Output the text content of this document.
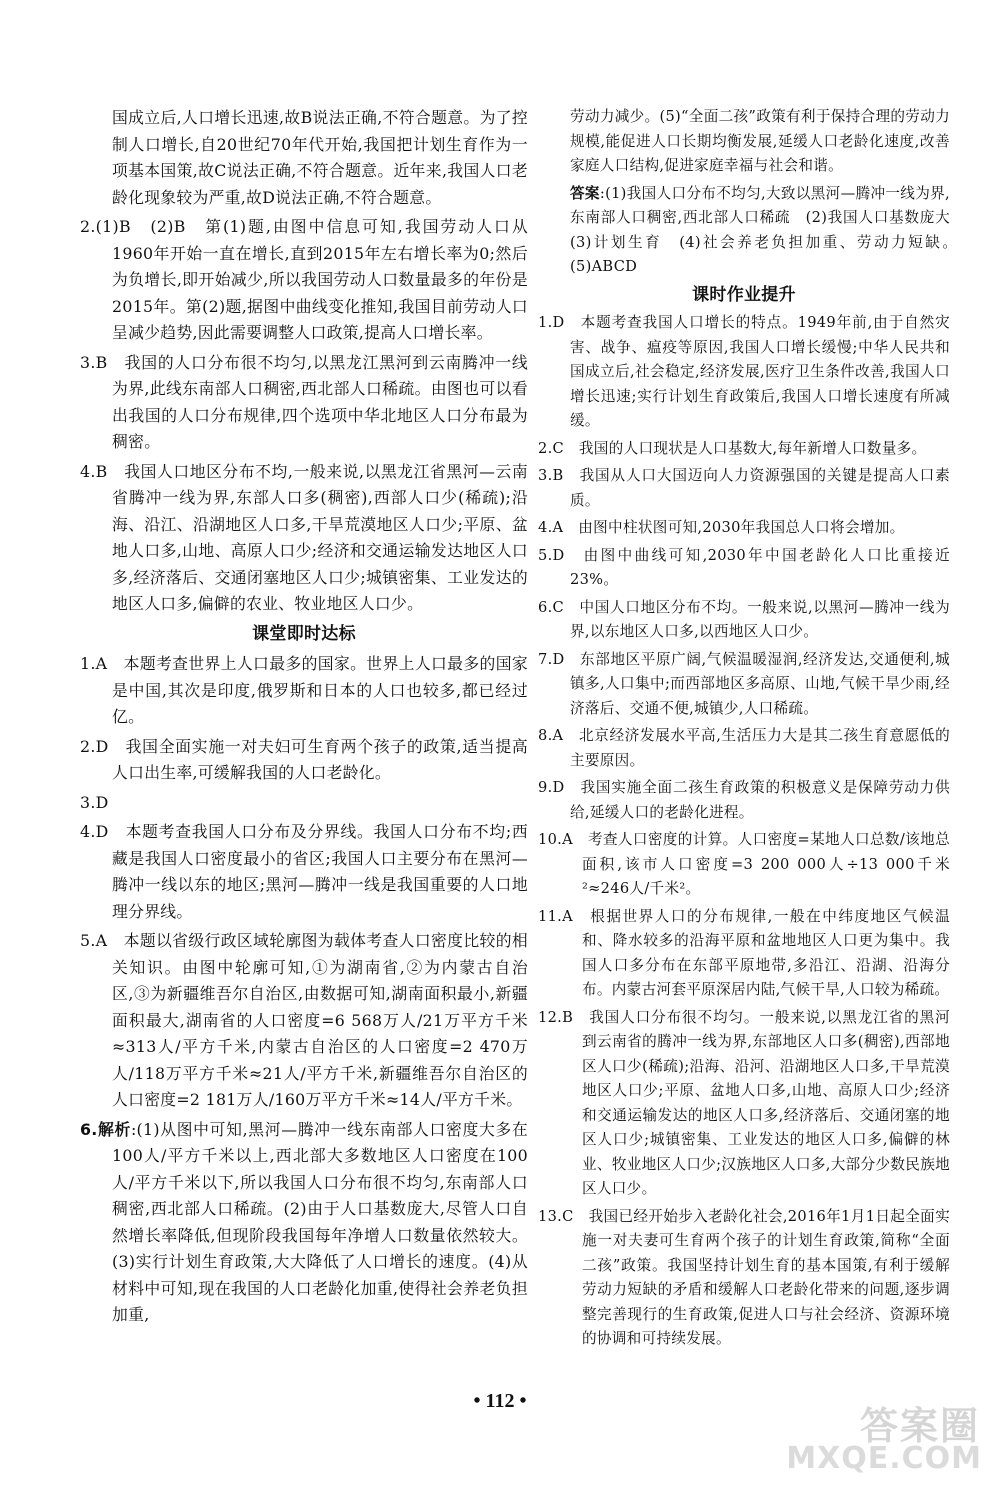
国成立后,人口增长迅速,故B说法正确,不符合题意。为了控制人口增长,自20世纪70年代开始,我国把计划生育作为一项基本国策,故C说法正确,不符合题意。近年来,我国人口老龄化现象较为严重,故D说法正确,不符合题意。
2.(1)B　(2)B　第(1)题,由图中信息可知,我国劳动人口从1960年开始一直在增长,直到2015年左右增长率为0;然后为负增长,即开始减少,所以我国劳动人口数量最多的年份是2015年。第(2)题,据图中曲线变化推知,我国目前劳动人口呈减少趋势,因此需要调整人口政策,提高人口增长率。
3.B　我国的人口分布很不均匀,以黑龙江黑河到云南腾冲一线为界,此线东南部人口稠密,西北部人口稀疏。由图也可以看出我国的人口分布规律,四个选项中华北地区人口分布最为稠密。
4.B　我国人口地区分布不均,一般来说,以黑龙江省黑河—云南省腾冲一线为界,东部人口多(稠密),西部人口少(稀疏);沿海、沿江、沿湖地区人口多,干旱荒漠地区人口少;平原、盆地人口多,山地、高原人口少;经济和交通运输发达地区人口多,经济落后、交通闭塞地区人口少;城镇密集、工业发达的地区人口多,偏僻的农业、牧业地区人口少。
课堂即时达标
1.A　本题考查世界上人口最多的国家。世界上人口最多的国家是中国,其次是印度,俄罗斯和日本的人口也较多,都已经过亿。
2.D　我国全面实施一对夫妇可生育两个孩子的政策,适当提高人口出生率,可缓解我国的人口老龄化。
3.D
4.D　本题考查我国人口分布及分界线。我国人口分布不均;西藏是我国人口密度最小的省区;我国人口主要分布在黑河—腾冲一线以东的地区;黑河—腾冲一线是我国重要的人口地理分界线。
5.A　本题以省级行政区域轮廓图为载体考查人口密度比较的相关知识。由图中轮廓可知,①为湖南省,②为内蒙古自治区,③为新疆维吾尔自治区,由数据可知,湖南面积最小,新疆面积最大,湖南省的人口密度=6 568万人/21万平方千米≈313人/平方千米,内蒙古自治区的人口密度=2 470万人/118万平方千米≈21人/平方千米,新疆维吾尔自治区的人口密度=2 181万人/160万平方千米≈14人/平方千米。
6.解析:(1)从图中可知,黑河—腾冲一线东南部人口密度大多在100人/平方千米以上,西北部大多数地区人口密度在100人/平方千米以下,所以我国人口分布很不均匀,东南部人口稠密,西北部人口稀疏。(2)由于人口基数庞大,尽管人口自然增长率降低,但现阶段我国每年净增人口数量依然较大。(3)实行计划生育政策,大大降低了人口增长的速度。(4)从材料中可知,现在我国的人口老龄化加重,使得社会养老负担加重,
劳动力减少。(5)“全面二孩”政策有利于保持合理的劳动力规模,能促进人口长期均衡发展,延缓人口老龄化速度,改善家庭人口结构,促进家庭幸福与社会和谐。
答案:(1)我国人口分布不均匀,大致以黑河—腾冲一线为界,东南部人口稠密,西北部人口稀疏　(2)我国人口基数庞大　(3)计划生育　(4)社会养老负担加重、劳动力短缺。　(5)ABCD
课时作业提升
1.D　本题考查我国人口增长的特点。1949年前,由于自然灾害、战争、瘟疫等原因,我国人口增长缓慢;中华人民共和国成立后,社会稳定,经济发展,医疗卫生条件改善,我国人口增长迅速;实行计划生育政策后,我国人口增长速度有所减缓。
2.C　我国的人口现状是人口基数大,每年新增人口数量多。
3.B　我国从人口大国迈向人力资源强国的关键是提高人口素质。
4.A　由图中柱状图可知,2030年我国总人口将会增加。
5.D　由图中曲线可知,2030年中国老龄化人口比重接近23%。
6.C　中国人口地区分布不均。一般来说,以黑河—腾冲一线为界,以东地区人口多,以西地区人口少。
7.D　东部地区平原广阔,气候温暖湿润,经济发达,交通便利,城镇多,人口集中;而西部地区多高原、山地,气候干旱少雨,经济落后、交通不便,城镇少,人口稀疏。
8.A　北京经济发展水平高,生活压力大是其二孩生育意愿低的主要原因。
9.D　我国实施全面二孩生育政策的积极意义是保障劳动力供给,延缓人口的老龄化进程。
10.A　考查人口密度的计算。人口密度=某地人口总数/该地总面积,该市人口密度=3 200 000人÷13 000千米²≈246人/千米²。
11.A　根据世界人口的分布规律,一般在中纬度地区气候温和、降水较多的沿海平原和盆地地区人口更为集中。我国人口多分布在东部平原地带,多沿江、沿湖、沿海分布。内蒙古河套平原深居内陆,气候干旱,人口较为稀疏。
12.B　我国人口分布很不均匀。一般来说,以黑龙江省的黑河到云南省的腾冲一线为界,东部地区人口多(稠密),西部地区人口少(稀疏);沿海、沿河、沿湖地区人口多,干旱荒漠地区人口少;平原、盆地人口多,山地、高原人口少;经济和交通运输发达的地区人口多,经济落后、交通闭塞的地区人口少;城镇密集、工业发达的地区人口多,偏僻的林业、牧业地区人口少;汉族地区人口多,大部分少数民族地区人口少。
13.C　我国已经开始步入老龄化社会,2016年1月1日起全面实施一对夫妻可生育两个孩子的计划生育政策,简称“全面二孩”政策。我国坚持计划生育的基本国策,有利于缓解劳动力短缺的矛盾和缓解人口老龄化带来的问题,逐步调整完善现行的生育政策,促进人口与社会经济、资源环境的协调和可持续发展。
• 112 •
答案圈
MXQE.COM
